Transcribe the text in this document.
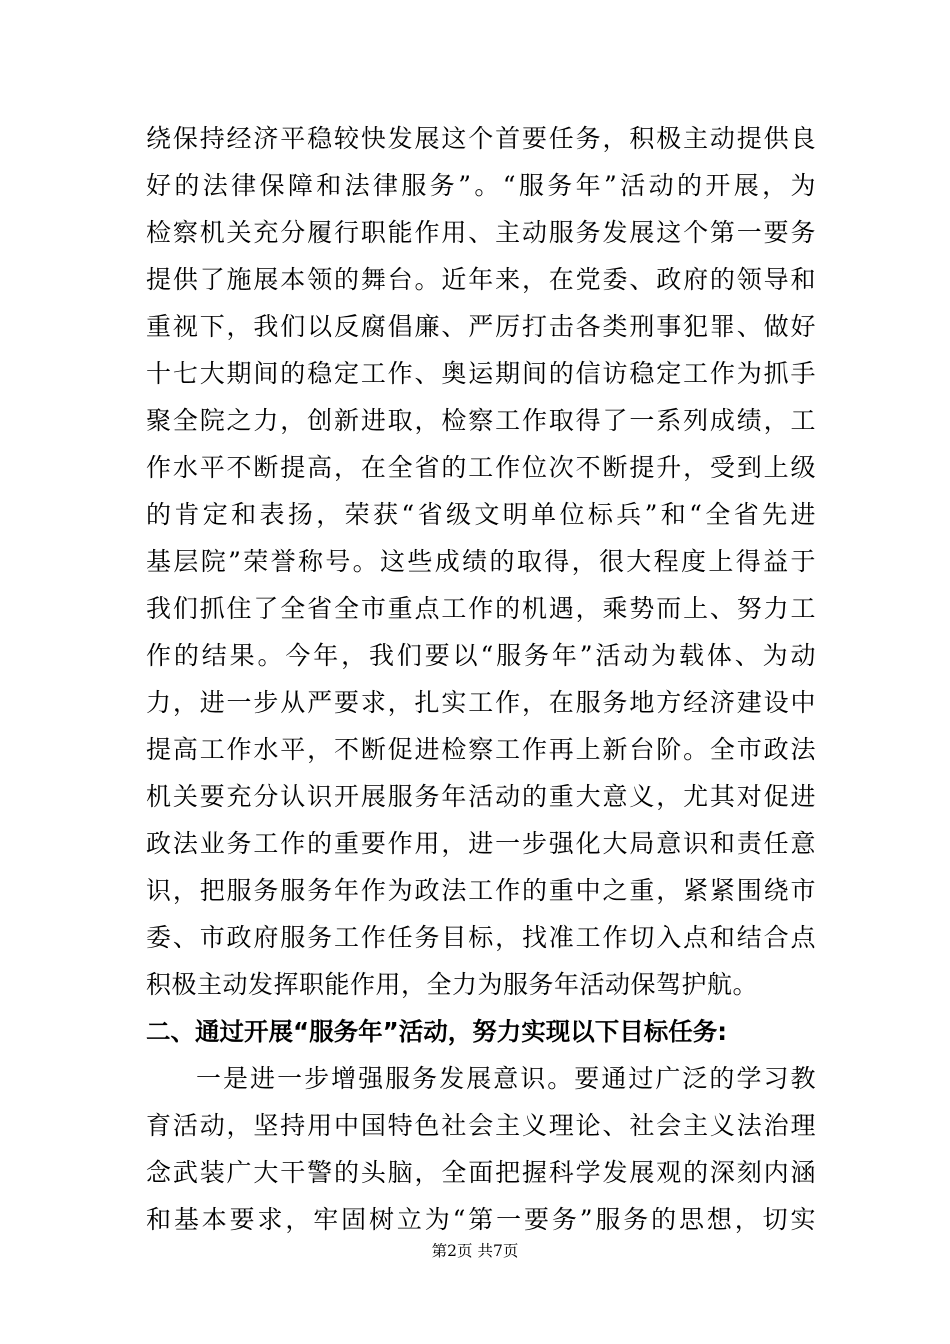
绕保持经济平稳较快发展这个首要任务，积极主动提供良
好的法律保障和法律服务”。“服务年”活动的开展，为
检察机关充分履行职能作用、主动服务发展这个第一要务
提供了施展本领的舞台。近年来，在党委、政府的领导和
重视下，我们以反腐倡廉、严厉打击各类刑事犯罪、做好
十七大期间的稳定工作、奥运期间的信访稳定工作为抓手
聚全院之力，创新进取，检察工作取得了一系列成绩，工
作水平不断提高，在全省的工作位次不断提升，受到上级
的肯定和表扬，荣获“省级文明单位标兵”和“全省先进
基层院”荣誉称号。这些成绩的取得，很大程度上得益于
我们抓住了全省全市重点工作的机遇，乘势而上、努力工
作的结果。今年，我们要以“服务年”活动为载体、为动
力，进一步从严要求，扎实工作，在服务地方经济建设中
提高工作水平，不断促进检察工作再上新台阶。全市政法
机关要充分认识开展服务年活动的重大意义，尤其对促进
政法业务工作的重要作用，进一步强化大局意识和责任意
识，把服务服务年作为政法工作的重中之重，紧紧围绕市
委、市政府服务工作任务目标，找准工作切入点和结合点
积极主动发挥职能作用，全力为服务年活动保驾护航。
二、通过开展“服务年”活动，努力实现以下目标任务:
一是进一步增强服务发展意识。要通过广泛的学习教
育活动，坚持用中国特色社会主义理论、社会主义法治理
念武装广大干警的头脑，全面把握科学发展观的深刻内涵
和基本要求，牢固树立为“第一要务”服务的思想，切实
第2页 共7页
